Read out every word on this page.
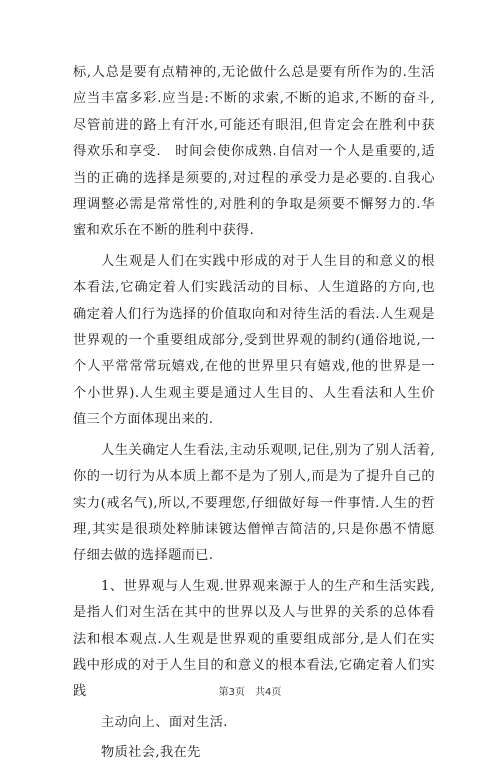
标,人总是要有点精神的,无论做什么总是要有所作为的.生活应当丰富多彩.应当是:不断的求索,不断的追求,不断的奋斗,尽管前进的路上有汗水,可能还有眼泪,但肯定会在胜利中获得欢乐和享受.　时间会使你成熟.自信对一个人是重要的,适当的正确的选择是须要的,对过程的承受力是必要的.自我心理调整必需是常常性的,对胜利的争取是须要不懈努力的.华蜜和欢乐在不断的胜利中获得.

人生观是人们在实践中形成的对于人生目的和意义的根本看法,它确定着人们实践活动的目标、人生道路的方向,也确定着人们行为选择的价值取向和对待生活的看法.人生观是世界观的一个重要组成部分,受到世界观的制约(通俗地说,一个人平常常常玩嬉戏,在他的世界里只有嬉戏,他的世界是一个小世界).人生观主要是通过人生目的、人生看法和人生价值三个方面体现出来的.

人生关确定人生看法,主动乐观呗,记住,别为了别人活着,你的一切行为从本质上都不是为了别人,而是为了提升自己的实力(戒名气),所以,不要理您,仔细做好每一件事情.人生的哲理,其实是很琐处粹肺诔镀达僧惮吉简洁的,只是你愚不情愿仔细去做的选择题而已.

1、世界观与人生观.世界观来源于人的生产和生活实践,是指人们对生活在其中的世界以及人与世界的关系的总体看法和根本观点.人生观是世界观的重要组成部分,是人们在实践中形成的对于人生目的和意义的根本看法,它确定着人们实践

主动向上、面对生活.

物质社会,我在先

第3页　共4页
